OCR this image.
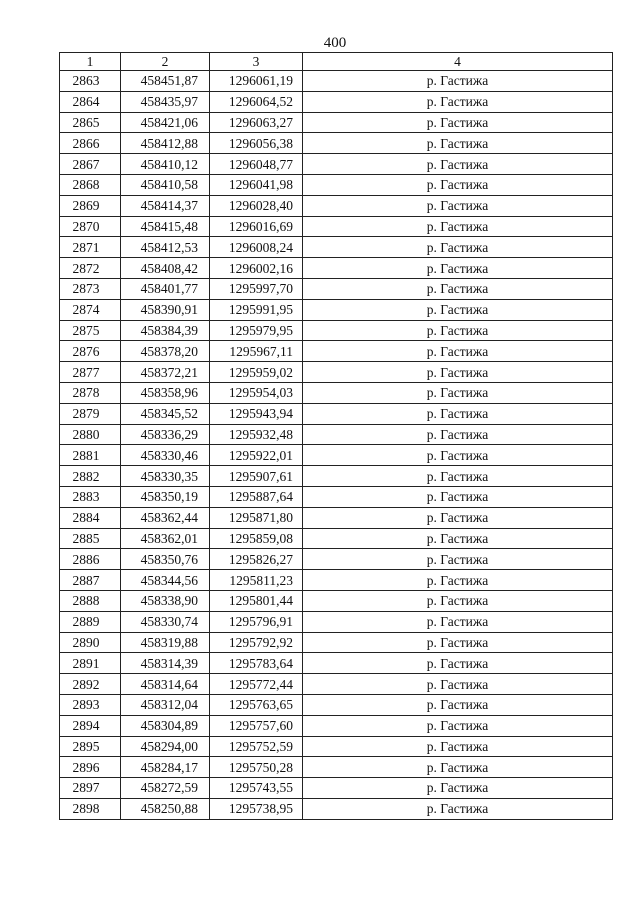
400
1	2	3	4
2863	458451,87	1296061,19	р. Гастижа
2864	458435,97	1296064,52	р. Гастижа
2865	458421,06	1296063,27	р. Гастижа
2866	458412,88	1296056,38	р. Гастижа
2867	458410,12	1296048,77	р. Гастижа
2868	458410,58	1296041,98	р. Гастижа
2869	458414,37	1296028,40	р. Гастижа
2870	458415,48	1296016,69	р. Гастижа
2871	458412,53	1296008,24	р. Гастижа
2872	458408,42	1296002,16	р. Гастижа
2873	458401,77	1295997,70	р. Гастижа
2874	458390,91	1295991,95	р. Гастижа
2875	458384,39	1295979,95	р. Гастижа
2876	458378,20	1295967,11	р. Гастижа
2877	458372,21	1295959,02	р. Гастижа
2878	458358,96	1295954,03	р. Гастижа
2879	458345,52	1295943,94	р. Гастижа
2880	458336,29	1295932,48	р. Гастижа
2881	458330,46	1295922,01	р. Гастижа
2882	458330,35	1295907,61	р. Гастижа
2883	458350,19	1295887,64	р. Гастижа
2884	458362,44	1295871,80	р. Гастижа
2885	458362,01	1295859,08	р. Гастижа
2886	458350,76	1295826,27	р. Гастижа
2887	458344,56	1295811,23	р. Гастижа
2888	458338,90	1295801,44	р. Гастижа
2889	458330,74	1295796,91	р. Гастижа
2890	458319,88	1295792,92	р. Гастижа
2891	458314,39	1295783,64	р. Гастижа
2892	458314,64	1295772,44	р. Гастижа
2893	458312,04	1295763,65	р. Гастижа
2894	458304,89	1295757,60	р. Гастижа
2895	458294,00	1295752,59	р. Гастижа
2896	458284,17	1295750,28	р. Гастижа
2897	458272,59	1295743,55	р. Гастижа
2898	458250,88	1295738,95	р. Гастижа
